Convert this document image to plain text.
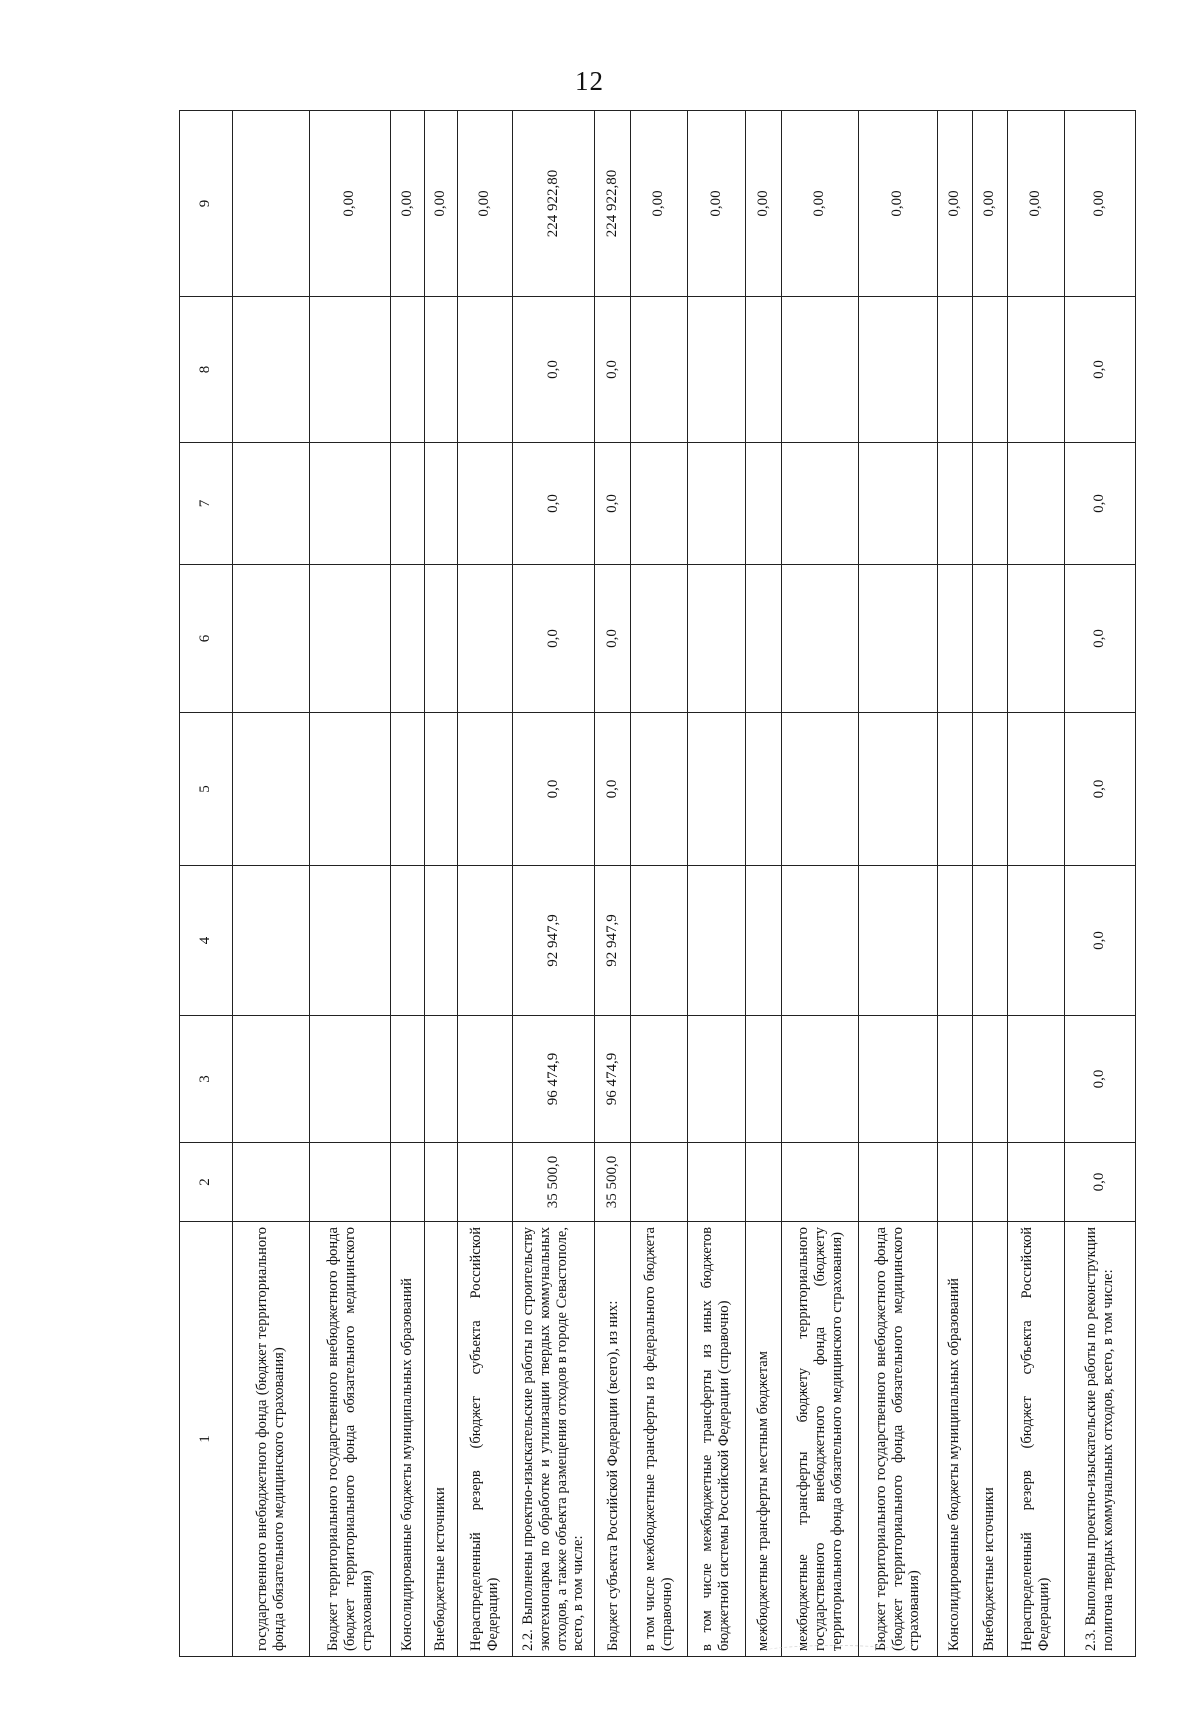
12
1	2	3	4	5	6	7	8	9
государственного внебюджетного фонда (бюджет территориального фонда обязательного медицинского страхования)								
Бюджет территориального государственного внебюджетного фонда (бюджет территориального фонда обязательного медицинского страхования)								0,00
Консолидированные бюджеты муниципальных образований								0,00
Внебюджетные источники								0,00
Нераспределенный резерв (бюджет субъекта Российской Федерации)								0,00
2.2. Выполнены проектно-изыскательские работы по строительству экотехнопарка по обработке и утилизации твердых коммунальных отходов, а также объекта размещения отходов в городе Севастополе, всего, в том числе:	35 500,0	96 474,9	92 947,9	0,0	0,0	0,0	0,0	224 922,80
Бюджет субъекта Российской Федерации (всего), из них:	35 500,0	96 474,9	92 947,9	0,0	0,0	0,0	0,0	224 922,80
в том числе межбюджетные трансферты из федерального бюджета (справочно)								0,00
в том числе межбюджетные трансферты из иных бюджетов бюджетной системы Российской Федерации (справочно)								0,00
межбюджетные трансферты местным бюджетам								0,00
межбюджетные трансферты бюджету территориального государственного внебюджетного фонда (бюджету территориального фонда обязательного медицинского страхования)								0,00
Бюджет территориального государственного внебюджетного фонда (бюджет территориального фонда обязательного медицинского страхования)								0,00
Консолидированные бюджеты муниципальных образований								0,00
Внебюджетные источники								0,00
Нераспределенный резерв (бюджет субъекта Российской Федерации)								0,00
2.3. Выполнены проектно-изыскательские работы по реконструкции полигона твердых коммунальных отходов, всего, в том числе:	0,0	0,0	0,0	0,0	0,0	0,0	0,0	0,00
